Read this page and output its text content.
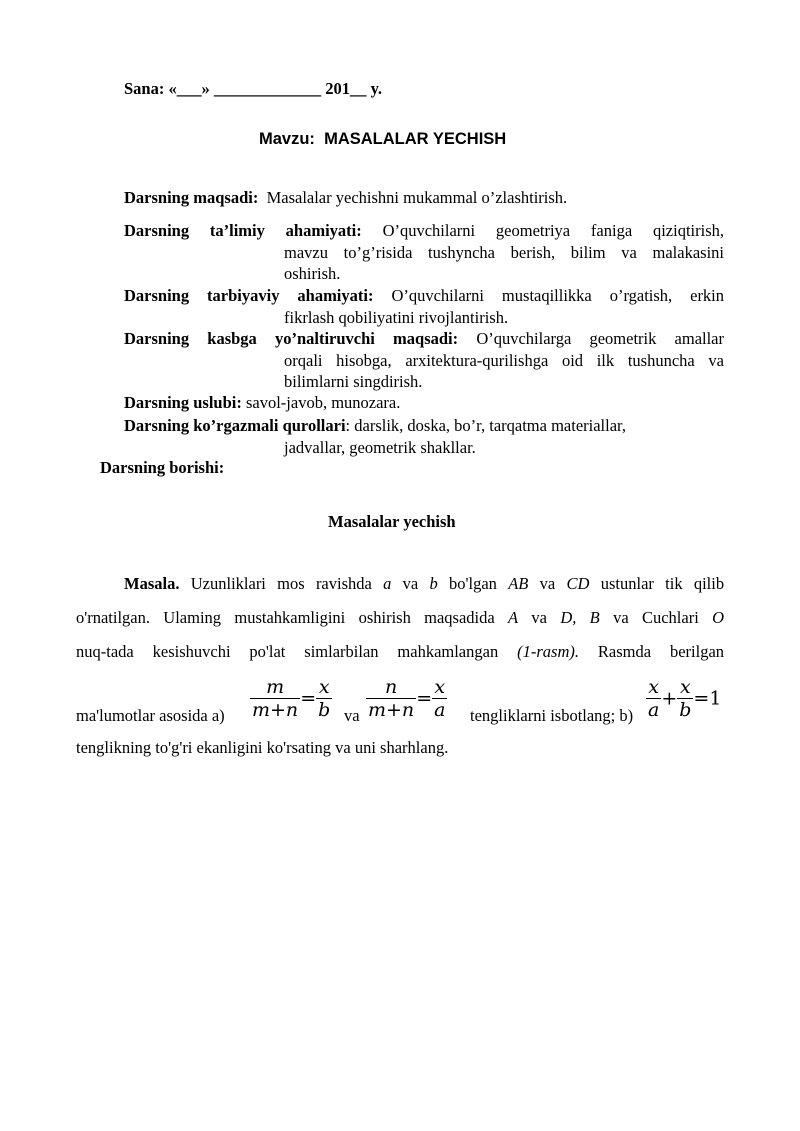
Sana: «___» _____________ 201__ y.
Mavzu: MASALALAR YECHISH
Darsning maqsadi: Masalalar yechishni mukammal o’zlashtirish.
Darsning ta’limiy ahamiyati: O’quvchilarni geometriya faniga qiziqtirish,
mavzu to’g’risida tushyncha berish, bilim va malakasini
oshirish.
Darsning tarbiyaviy ahamiyati: O’quvchilarni mustaqillikka o’rgatish, erkin
fikrlash qobiliyatini rivojlantirish.
Darsning kasbga yo’naltiruvchi maqsadi: O’quvchilarga geometrik amallar
orqali hisobga, arxitektura-qurilishga oid ilk tushuncha va
bilimlarni singdirish.
Darsning uslubi: savol-javob, munozara.
Darsning ko’rgazmali qurollari: darslik, doska, bo’r, tarqatma materiallar,
jadvallar, geometrik shakllar.
Darsning borishi:
Masalalar yechish
Masala. Uzunliklari mos ravishda a va b bo'lgan AB va CD ustunlar tik qilib
o'rnatilgan. Ulaming mustahkamligini oshirish maqsadida A va D, B va Cuchlari O
nuq-tada kesishuvchi po'lat simlarbilan mahkamlangan (1-rasm). Rasmda berilgan
ma'lumotlar asosida $a) \frac{m}{m+n} = \frac{x}{b}$ va $\frac{n}{m+n} = \frac{x}{a}$ tengliklarni isbotlang; $b) \frac{x}{a} + \frac{x}{b} =1$
tenglikning to'g'ri ekanligini ko'rsating va uni sharhlang.
